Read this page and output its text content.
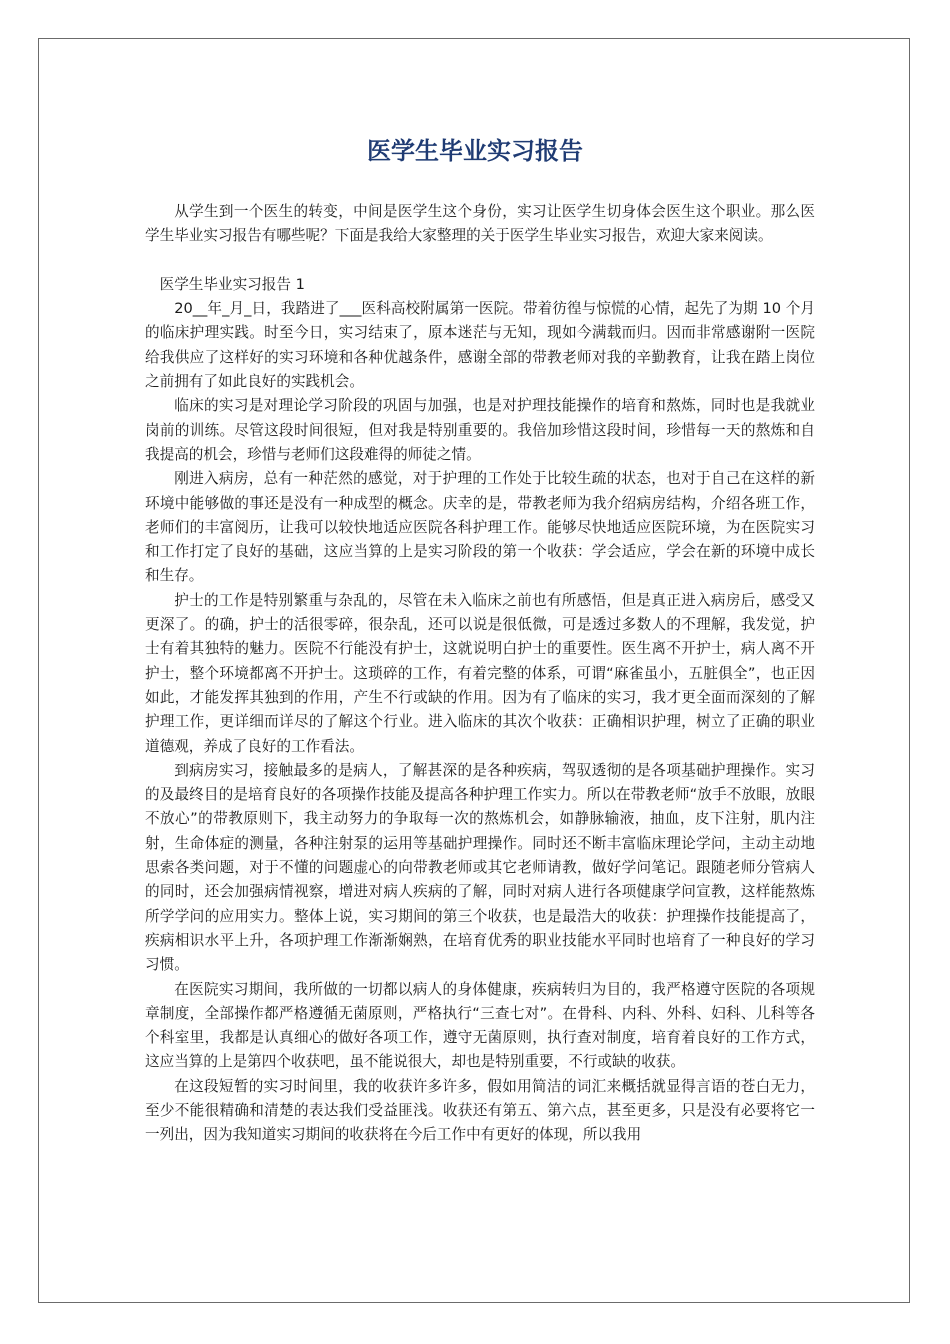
医学生毕业实习报告

从学生到一个医生的转变，中间是医学生这个身份，实习让医学生切身体会医生这个职业。那么医学生毕业实习报告有哪些呢？下面是我给大家整理的关于医学生毕业实习报告，欢迎大家来阅读。

医学生毕业实习报告 1

20__年_月_日，我踏进了___医科高校附属第一医院。带着彷徨与惊慌的心情，起先了为期 10 个月的临床护理实践。时至今日，实习结束了，原本迷茫与无知，现如今满载而归。因而非常感谢附一医院给我供应了这样好的实习环境和各种优越条件，感谢全部的带教老师对我的辛勤教育，让我在踏上岗位之前拥有了如此良好的实践机会。

临床的实习是对理论学习阶段的巩固与加强，也是对护理技能操作的培育和熬炼，同时也是我就业岗前的训练。尽管这段时间很短，但对我是特别重要的。我倍加珍惜这段时间，珍惜每一天的熬炼和自我提高的机会，珍惜与老师们这段难得的师徒之情。

刚进入病房，总有一种茫然的感觉，对于护理的工作处于比较生疏的状态，也对于自己在这样的新环境中能够做的事还是没有一种成型的概念。庆幸的是，带教老师为我介绍病房结构，介绍各班工作，老师们的丰富阅历，让我可以较快地适应医院各科护理工作。能够尽快地适应医院环境，为在医院实习和工作打定了良好的基础，这应当算的上是实习阶段的第一个收获：学会适应，学会在新的环境中成长和生存。

护士的工作是特别繁重与杂乱的，尽管在未入临床之前也有所感悟，但是真正进入病房后，感受又更深了。的确，护士的活很零碎，很杂乱，还可以说是很低微，可是透过多数人的不理解，我发觉，护士有着其独特的魅力。医院不行能没有护士，这就说明白护士的重要性。医生离不开护士，病人离不开护士，整个环境都离不开护士。这琐碎的工作，有着完整的体系，可谓“麻雀虽小，五脏俱全”，也正因如此，才能发挥其独到的作用，产生不行或缺的作用。因为有了临床的实习，我才更全面而深刻的了解护理工作，更详细而详尽的了解这个行业。进入临床的其次个收获：正确相识护理，树立了正确的职业道德观，养成了良好的工作看法。

到病房实习，接触最多的是病人，了解甚深的是各种疾病，驾驭透彻的是各项基础护理操作。实习的及最终目的是培育良好的各项操作技能及提高各种护理工作实力。所以在带教老师“放手不放眼，放眼不放心”的带教原则下，我主动努力的争取每一次的熬炼机会，如静脉输液，抽血，皮下注射，肌内注射，生命体症的测量，各种注射泵的运用等基础护理操作。同时还不断丰富临床理论学问，主动主动地思索各类问题，对于不懂的问题虚心的向带教老师或其它老师请教，做好学问笔记。跟随老师分管病人的同时，还会加强病情视察，增进对病人疾病的了解，同时对病人进行各项健康学问宣教，这样能熬炼所学学问的应用实力。整体上说，实习期间的第三个收获，也是最浩大的收获：护理操作技能提高了，疾病相识水平上升，各项护理工作渐渐娴熟，在培育优秀的职业技能水平同时也培育了一种良好的学习习惯。

在医院实习期间，我所做的一切都以病人的身体健康，疾病转归为目的，我严格遵守医院的各项规章制度，全部操作都严格遵循无菌原则，严格执行“三查七对”。在骨科、内科、外科、妇科、儿科等各个科室里，我都是认真细心的做好各项工作，遵守无菌原则，执行查对制度，培育着良好的工作方式，这应当算的上是第四个收获吧，虽不能说很大，却也是特别重要，不行或缺的收获。

在这段短暂的实习时间里，我的收获许多许多，假如用简洁的词汇来概括就显得言语的苍白无力，至少不能很精确和清楚的表达我们受益匪浅。收获还有第五、第六点，甚至更多，只是没有必要将它一一列出，因为我知道实习期间的收获将在今后工作中有更好的体现，所以我用
